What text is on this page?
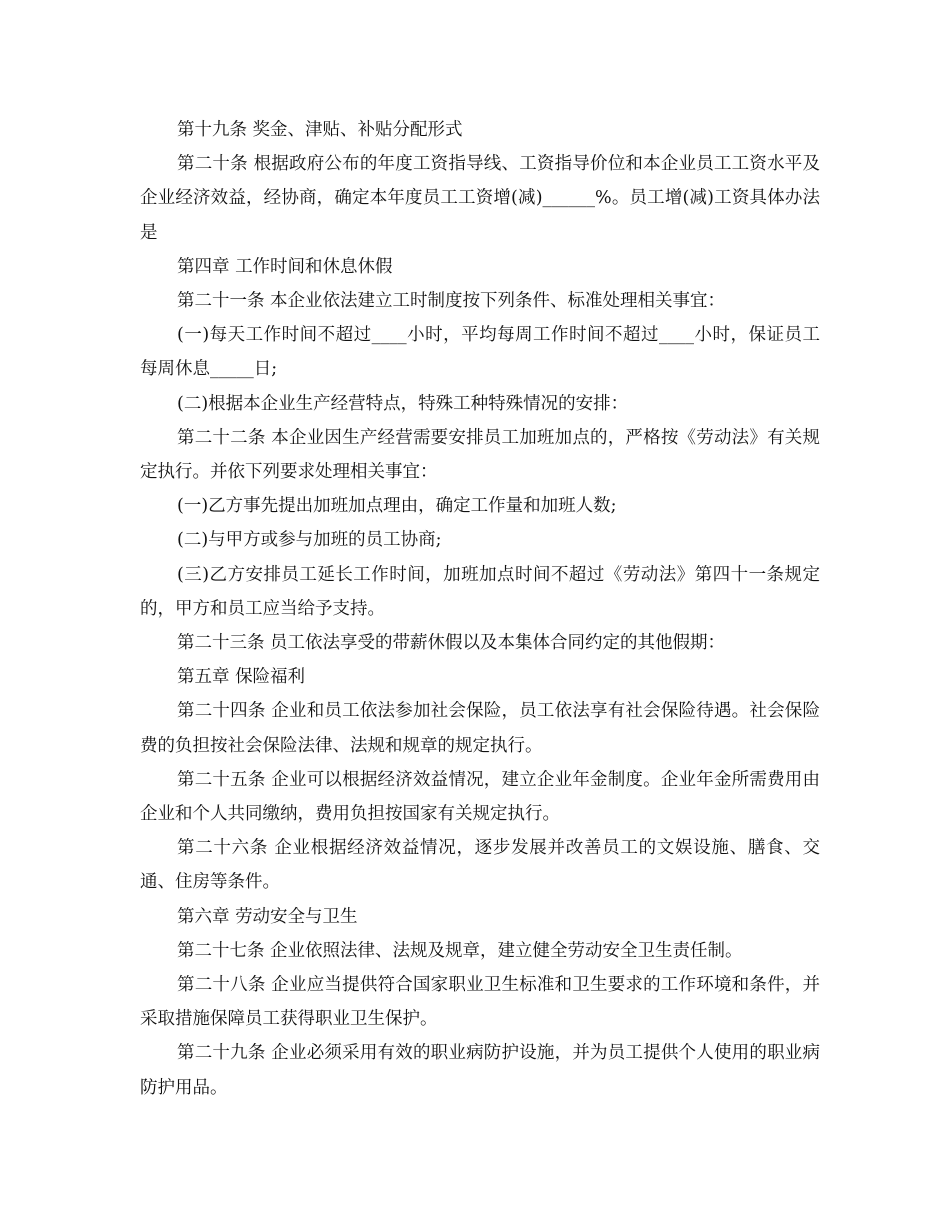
第十九条 奖金、津贴、补贴分配形式

第二十条 根据政府公布的年度工资指导线、工资指导价位和本企业员工工资水平及企业经济效益，经协商，确定本年度员工工资增(减)______%。员工增(减)工资具体办法是

第四章 工作时间和休息休假

第二十一条 本企业依法建立工时制度按下列条件、标准处理相关事宜：

(一)每天工作时间不超过____小时，平均每周工作时间不超过____小时，保证员工每周休息_____日;

(二)根据本企业生产经营特点，特殊工种特殊情况的安排：

第二十二条 本企业因生产经营需要安排员工加班加点的，严格按《劳动法》有关规定执行。并依下列要求处理相关事宜：

(一)乙方事先提出加班加点理由，确定工作量和加班人数;

(二)与甲方或参与加班的员工协商;

(三)乙方安排员工延长工作时间，加班加点时间不超过《劳动法》第四十一条规定的，甲方和员工应当给予支持。

第二十三条 员工依法享受的带薪休假以及本集体合同约定的其他假期：

第五章 保险福利

第二十四条 企业和员工依法参加社会保险，员工依法享有社会保险待遇。社会保险费的负担按社会保险法律、法规和规章的规定执行。

第二十五条 企业可以根据经济效益情况，建立企业年金制度。企业年金所需费用由企业和个人共同缴纳，费用负担按国家有关规定执行。

第二十六条 企业根据经济效益情况，逐步发展并改善员工的文娱设施、膳食、交通、住房等条件。

第六章 劳动安全与卫生

第二十七条 企业依照法律、法规及规章，建立健全劳动安全卫生责任制。

第二十八条 企业应当提供符合国家职业卫生标准和卫生要求的工作环境和条件，并采取措施保障员工获得职业卫生保护。

第二十九条 企业必须采用有效的职业病防护设施，并为员工提供个人使用的职业病防护用品。
